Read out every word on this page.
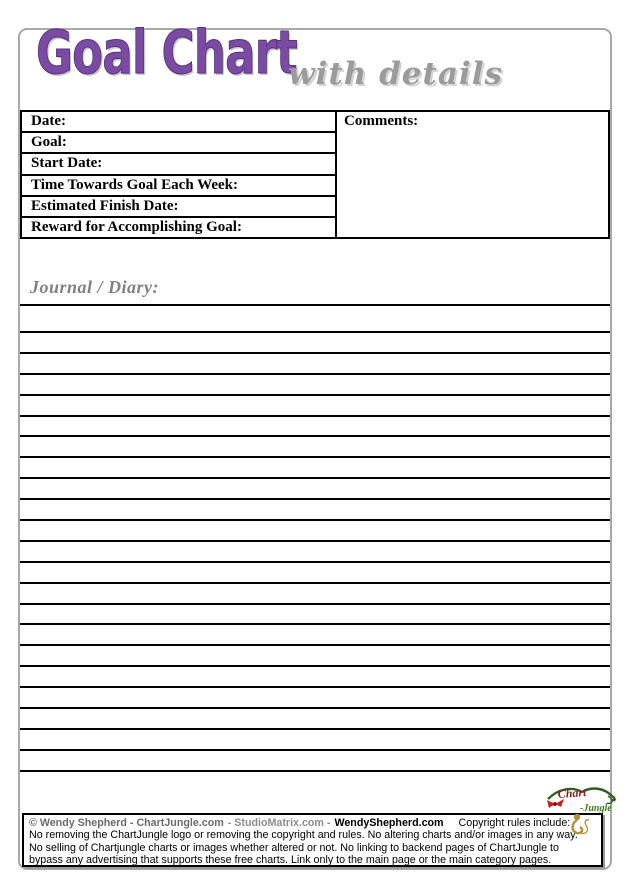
Goal Chart
with details
Date:
Goal:
Start Date:
Time Towards Goal Each Week:
Estimated Finish Date:
Reward for Accomplishing Goal:
Comments:
Journal / Diary:
Chart
-Jungle
© Wendy Shepherd - ChartJungle.com - StudioMatrix.com - WendyShepherd.com Copyright rules include:
No removing the ChartJungle logo or removing the copyright and rules. No altering charts and/or images in any way.
No selling of Chartjungle charts or images whether altered or not. No linking to backend pages of ChartJungle to
bypass any advertising that supports these free charts. Link only to the main page or the main category pages.
